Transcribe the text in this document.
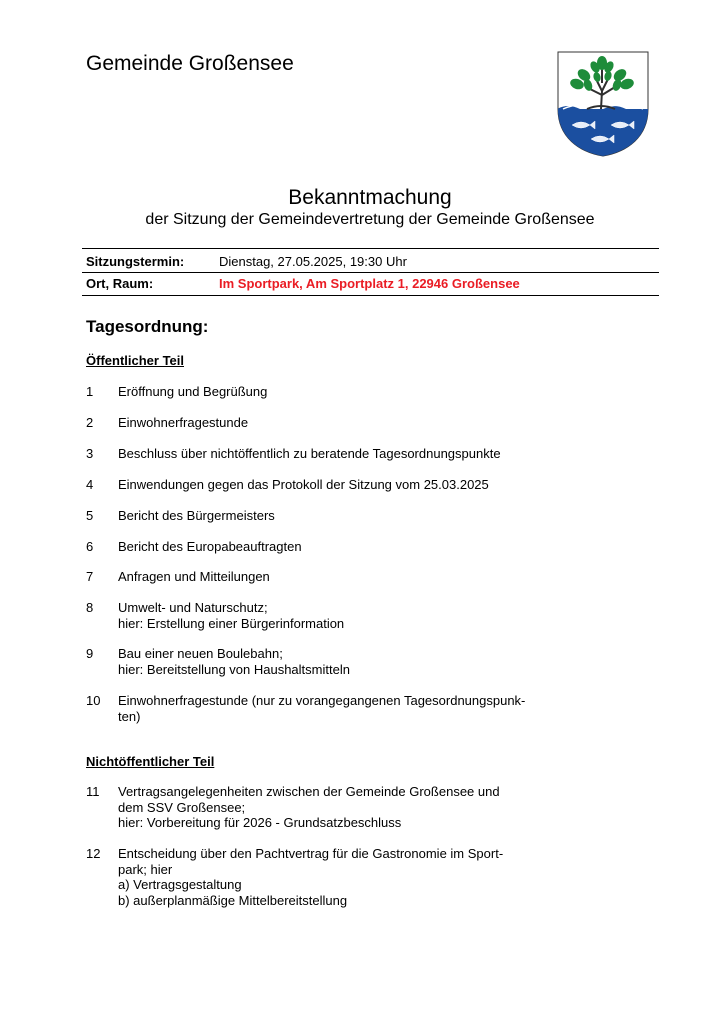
Gemeinde Großensee
Bekanntmachung
der Sitzung der Gemeindevertretung der Gemeinde Großensee
Sitzungstermin:	Dienstag, 27.05.2025, 19:30 Uhr
Ort, Raum:	Im Sportpark, Am Sportplatz 1, 22946 Großensee
Tagesordnung:
Öffentlicher Teil
1 Eröffnung und Begrüßung
2 Einwohnerfragestunde
3 Beschluss über nichtöffentlich zu beratende Tagesordnungspunkte
4 Einwendungen gegen das Protokoll der Sitzung vom 25.03.2025
5 Bericht des Bürgermeisters
6 Bericht des Europabeauftragten
7 Anfragen und Mitteilungen
8 Umwelt- und Naturschutz;
hier: Erstellung einer Bürgerinformation
9 Bau einer neuen Boulebahn;
hier: Bereitstellung von Haushaltsmitteln
10 Einwohnerfragestunde (nur zu vorangegangenen Tagesordnungspunk-
ten)
Nichtöffentlicher Teil
11 Vertragsangelegenheiten zwischen der Gemeinde Großensee und
dem SSV Großensee;
hier: Vorbereitung für 2026 - Grundsatzbeschluss
12 Entscheidung über den Pachtvertrag für die Gastronomie im Sport-
park; hier
a) Vertragsgestaltung
b) außerplanmäßige Mittelbereitstellung
